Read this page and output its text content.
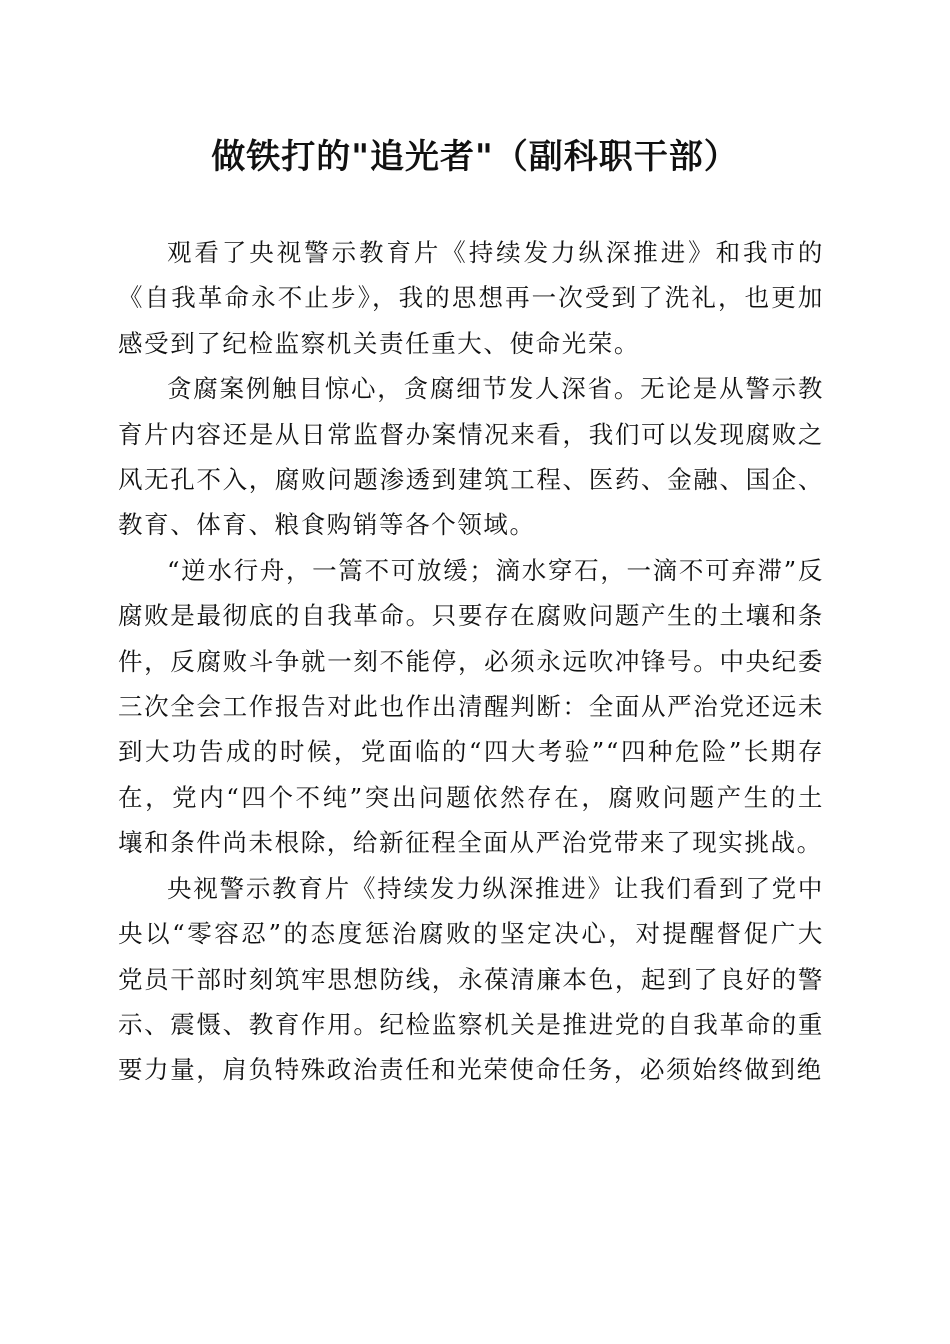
做铁打的"追光者"（副科职干部）

观看了央视警示教育片《持续发力纵深推进》和我市的《自我革命永不止步》，我的思想再一次受到了洗礼，也更加感受到了纪检监察机关责任重大、使命光荣。

贪腐案例触目惊心，贪腐细节发人深省。无论是从警示教育片内容还是从日常监督办案情况来看，我们可以发现腐败之风无孔不入，腐败问题渗透到建筑工程、医药、金融、国企、教育、体育、粮食购销等各个领域。

“逆水行舟，一篙不可放缓；滴水穿石，一滴不可弃滞”反腐败是最彻底的自我革命。只要存在腐败问题产生的土壤和条件，反腐败斗争就一刻不能停，必须永远吹冲锋号。中央纪委三次全会工作报告对此也作出清醒判断：全面从严治党还远未到大功告成的时候，党面临的“四大考验”“四种危险”长期存在，党内“四个不纯”突出问题依然存在，腐败问题产生的土壤和条件尚未根除，给新征程全面从严治党带来了现实挑战。

央视警示教育片《持续发力纵深推进》让我们看到了党中央以“零容忍”的态度惩治腐败的坚定决心，对提醒督促广大党员干部时刻筑牢思想防线，永葆清廉本色，起到了良好的警示、震慑、教育作用。纪检监察机关是推进党的自我革命的重要力量，肩负特殊政治责任和光荣使命任务，必须始终做到绝
